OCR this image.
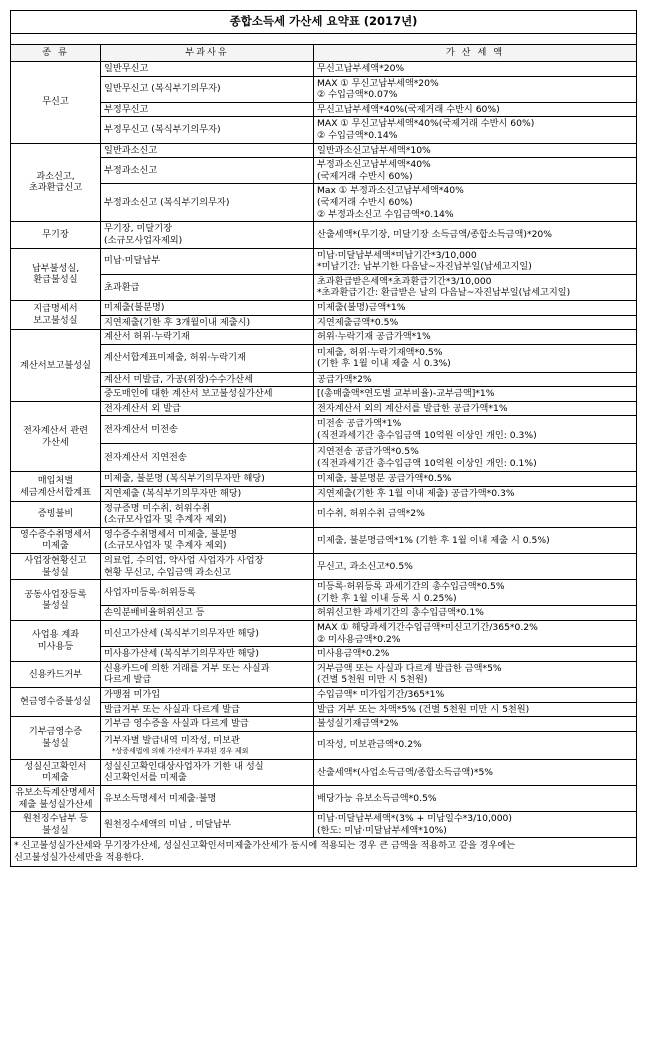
종합소득세 가산세 요약표 (2017년)		

종 류	부과사유	가 산 세 액

무신고	일반무신고	무신고납부세액*20%

	일반무신고 (복식부기의무자)	MAX ① 무신고납부세액*20%
② 수입금액*0.07%

	부정무신고	무신고납부세액*40%(국제거래 수반시 60%)

	부정무신고 (복식부기의무자)	MAX ① 무신고납부세액*40%(국제거래 수반시 60%)
② 수입금액*0.14%

과소신고,
초과환급신고	일반과소신고	일반과소신고납부세액*10%

	부정과소신고	부정과소신고납부세액*40%
(국제거래 수반시 60%)

	부정과소신고 (복식부기의무자)	Max ① 부정과소신고납부세액*40%
(국제거래 수반시 60%)
② 부정과소신고 수입금액*0.14%

무기장	무기장, 미달기장
(소규모사업자제외)	산출세액*(무기장, 미달기장 소득금액/종합소득금액)*20%

납부불성실,
환급불성실	미납·미달납부	미납·미달납부세액*미납기간*3/10,000
*미납기간: 납부기한 다음날~자진납부일(납세고지일)

	초과환급	초과환급받은세액*초과환급기간*3/10,000
*초과환급기간: 환급받은 날의 다음날~자진납부일(납세고지일)

지급명세서
보고불성실	미제출(불분명)	미제출(불명)금액*1%

	지연제출(기한 후 3개월이내 제출시)	지연제출금액*0.5%

계산서보고불성실	계산서 허위·누락기재	허위·누락기재 공급가액*1%

	계산서합계표미제출, 허위·누락기재	미제출, 허위·누락기재액*0.5%
(기한 후 1월 이내 제출 시 0.3%)

	계산서 미발급, 가공(위장)수수가산세	공급가액*2%

	중도매인에 대한 계산서 보고불성실가산세	[(총매출액*연도별 교부비율)-교부금액]*1%

전자계산서 관련
가산세	전자계산서 외 발급	전자계산서 외의 계산서를 발급한 공급가액*1%

	전자계산서 미전송	미전송 공급가액*1%
(직전과세기간 총수입금액 10억원 이상인 개인: 0.3%)

	전자계산서 지연전송	지연전송 공급가액*0.5%
(직전과세기간 총수입금액 10억원 이상인 개인: 0.1%)

매입처별
세금계산서합계표	미제출, 불분명 (복식부기의무자만 해당)	미제출, 불분명분 공급가액*0.5%

	지연제출 (복식부기의무자만 해당)	지연제출(기한 후 1월 이내 제출) 공급가액*0.3%

증빙불비	정규증명 미수취, 허위수취
(소규모사업자 및 추계자 제외)	미수취, 허위수취 금액*2%

영수증수취명세서
미제출	영수증수취명세서 미제출, 불분명
(소규모사업자 및 추계자 제외)	미제출, 불분명금액*1% (기한 후 1월 이내 제출 시 0.5%)

사업장현황신고
불성실	의료업, 수의업, 약사업 사업자가 사업장
현황 무신고, 수입금액 과소신고	무신고, 과소신고*0.5%

공동사업장등록
불성실	사업자미등록·허위등록	미등록·허위등록 과세기간의 총수입금액*0.5%
(기한 후 1월 이내 등록 시 0.25%)

	손익분배비율허위신고 등	허위신고한 과세기간의 총수입금액*0.1%

사업용 계좌
미사용등	미신고가산세 (복식부기의무자만 해당)	MAX ① 해당과세기간수입금액*미신고기간/365*0.2%
② 미사용금액*0.2%

	미사용가산세 (복식부기의무자만 해당)	미사용금액*0.2%

신용카드거부	신용카드에 의한 거래를 거부 또는 사실과
다르게 발급	거부금액 또는 사실과 다르게 발급한 금액*5%
(건별 5천원 미만 시 5천원)

현금영수증불성실	가맹점 미가입	수입금액* 미가입기간/365*1%

	발급거부 또는 사실과 다르게 발급	발급 거부 또는 차액*5% (건별 5천원 미만 시 5천원)

기부금영수증
불성실	기부금 영수증을 사실과 다르게 발급	불성실기재금액*2%

	기부자별 발급내역 미작성, 미보관
*상증세법에 의해 가산세가 부과된 경우 제외	미작성, 미보관금액*0.2%

성실신고확인서
미제출	성실신고확인대상사업자가 기한 내 성실
신고확인서를 미제출	산출세액*(사업소득금액/종합소득금액)*5%

유보소득계산명세서
제출 불성실가산세	유보소득명세서 미제출·불명	배당가능 유보소득금액*0.5%

원천징수납부 등
불성실	원천징수세액의 미납 , 미달납부	미납·미달납부세액*(3% + 미납일수*3/10,000)
(한도: 미납·미달납부세액*10%)

* 신고불성실가산세와 무기장가산세, 성실신고확인서미제출가산세가 동시에 적용되는 경우 큰 금액을 적용하고 같을 경우에는
신고불성실가산세만을 적용한다.		
